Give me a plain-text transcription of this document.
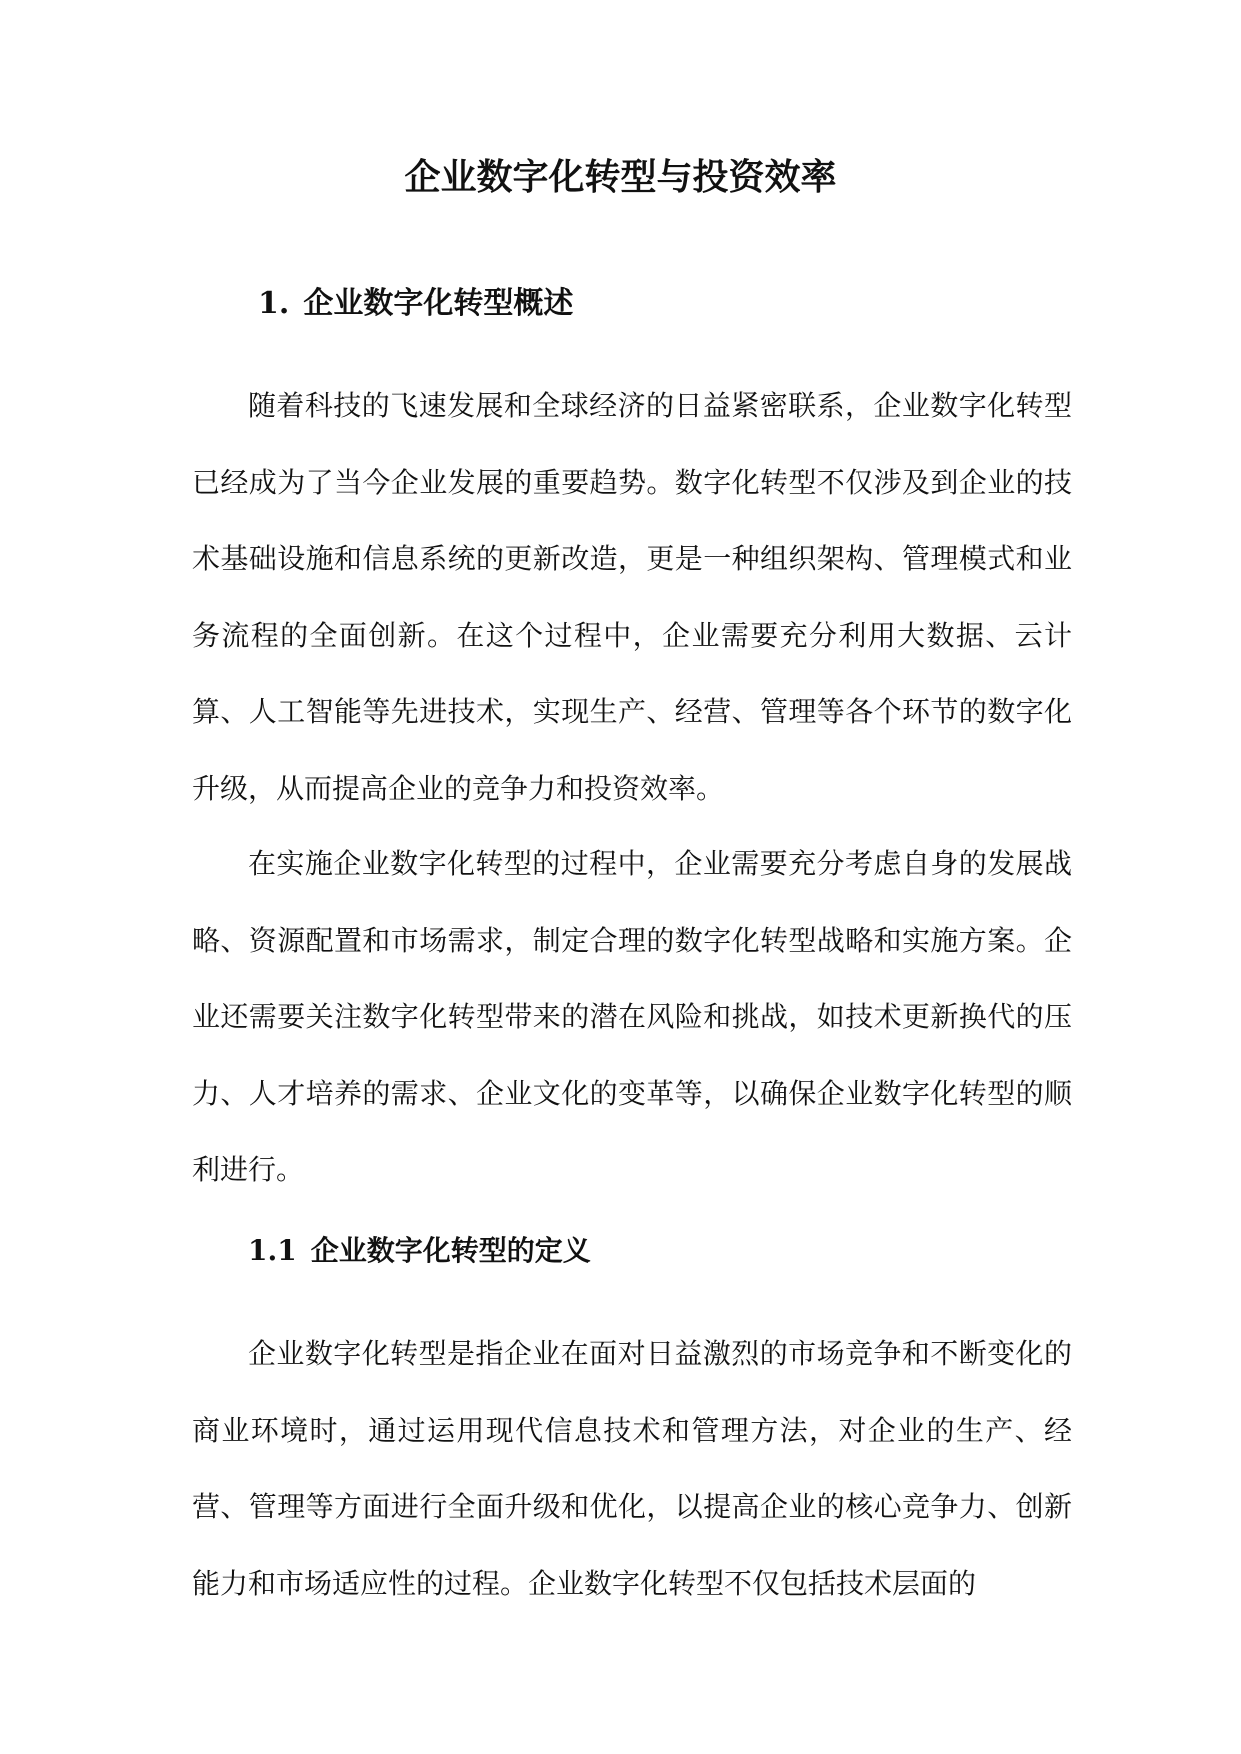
企业数字化转型与投资效率
1. 企业数字化转型概述

随着科技的飞速发展和全球经济的日益紧密联系，企业数字化转型已经成为了当今企业发展的重要趋势。数字化转型不仅涉及到企业的技术基础设施和信息系统的更新改造，更是一种组织架构、管理模式和业务流程的全面创新。在这个过程中，企业需要充分利用大数据、云计算、人工智能等先进技术，实现生产、经营、管理等各个环节的数字化升级，从而提高企业的竞争力和投资效率。

在实施企业数字化转型的过程中，企业需要充分考虑自身的发展战略、资源配置和市场需求，制定合理的数字化转型战略和实施方案。企业还需要关注数字化转型带来的潜在风险和挑战，如技术更新换代的压力、人才培养的需求、企业文化的变革等，以确保企业数字化转型的顺利进行。

1.1 企业数字化转型的定义

企业数字化转型是指企业在面对日益激烈的市场竞争和不断变化的商业环境时，通过运用现代信息技术和管理方法，对企业的生产、经营、管理等方面进行全面升级和优化，以提高企业的核心竞争力、创新能力和市场适应性的过程。企业数字化转型不仅包括技术层面的
